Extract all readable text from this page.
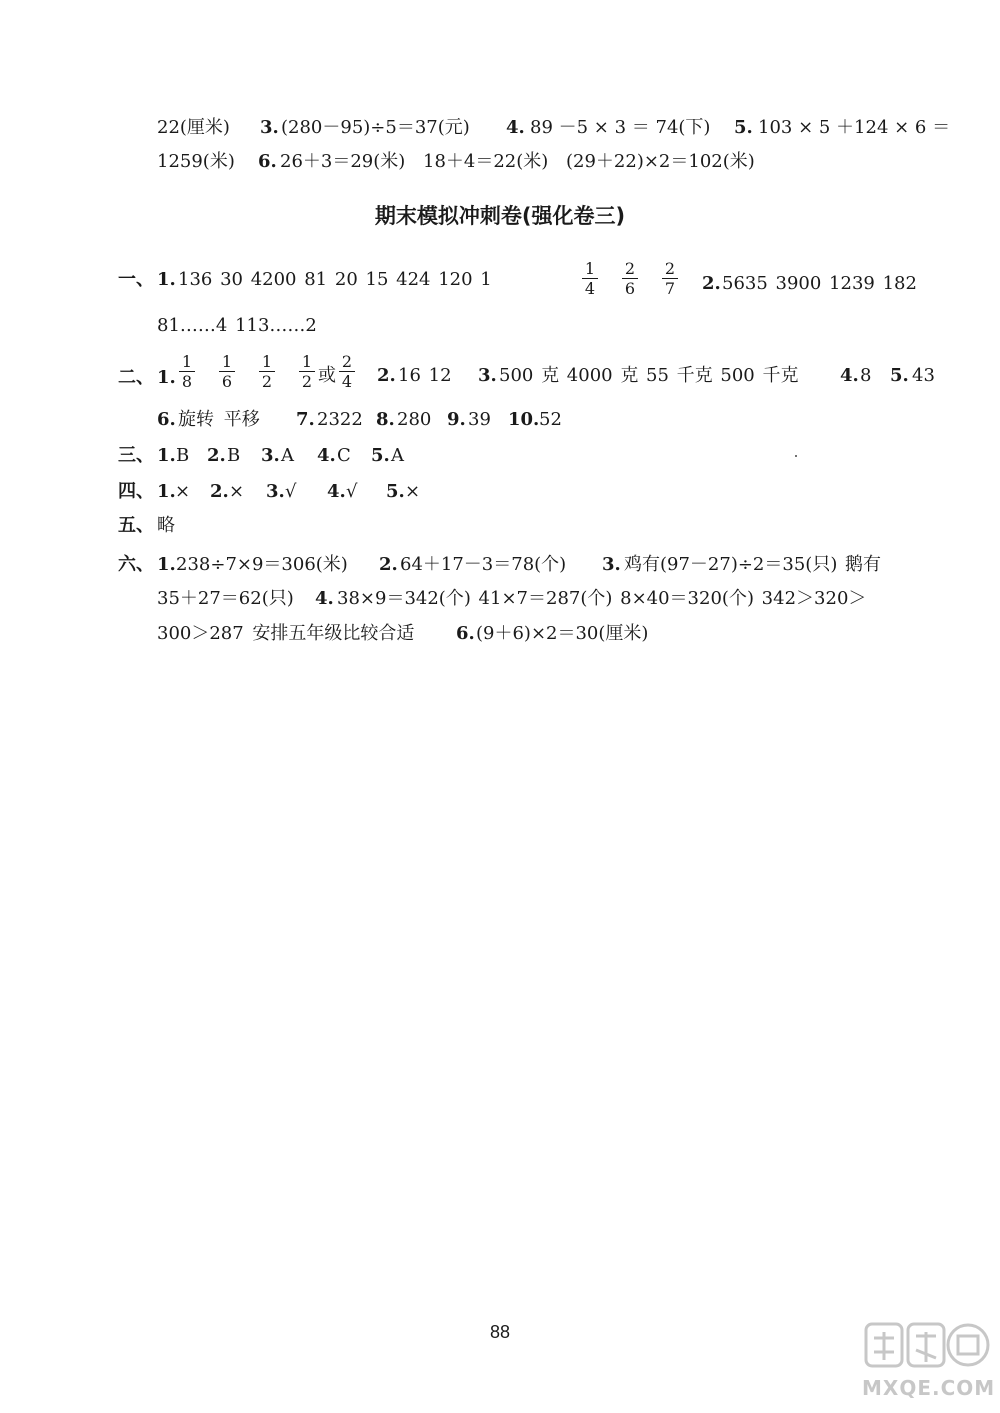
22(厘米) 3. (280－95)÷5＝37(元) 4. 89 －5 × 3 ＝ 74(下) 5. 103 × 5 ＋124 × 6 ＝
1259(米) 6. 26＋3＝29(米) 18＋4＝22(米) (29＋22)×2＝102(米)
期末模拟冲刺卷(强化卷三)
一、 1. 136 30 4200 81 20 15 424 120 1	$\frac{1}{4} \frac{2}{6} \frac{2}{7} 2$. 5635 3900 1239 182
81……4 113……2
二、 1. $\frac{1}{8} \frac{1}{6} \frac{1}{2} \frac{1}{2}$ 或 $\frac{2}{4} 2$. 16 12 3. 500 克 4000 克 55 千克 500 千克 4. 8 5. 43
6. 旋转 平移 7. 2322 8. 280 9. 39 10. 52
三、 1. B 2. B 3. A 4. C 5. A
四、 1. × 2. × 3. √ 4. √ 5. ×
五、 略
六、 1. 238÷7×9＝306(米) 2. 64＋17－3＝78(个) 3. 鸡有(97－27)÷2＝35(只) 鹅有
35＋27＝62(只) 4. 38×9＝342(个) 41×7＝287(个) 8×40＝320(个) 342＞320＞
300＞287 安排五年级比较合适 6. (9＋6)×2＝30(厘米)
88
MXQE.COM
